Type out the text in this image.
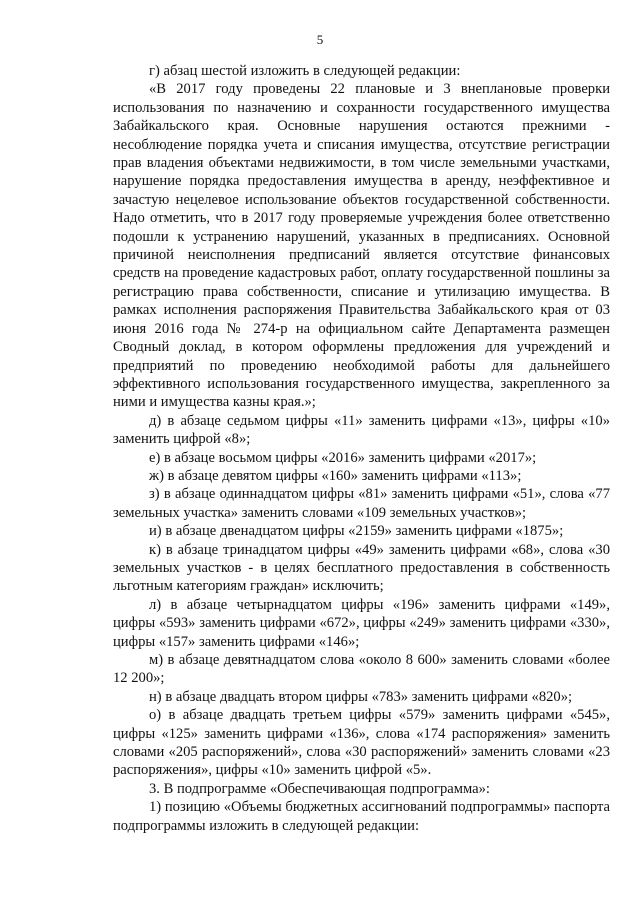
5

г) абзац шестой изложить в следующей редакции:

«В 2017 году проведены 22 плановые и 3 внеплановые проверки использования по назначению и сохранности государственного имущества Забайкальского края. Основные нарушения остаются прежними - несоблюдение порядка учета и списания имущества, отсутствие регистрации прав владения объектами недвижимости, в том числе земельными участками, нарушение порядка предоставления имущества в аренду, неэффективное и зачастую нецелевое использование объектов государственной собственности. Надо отметить, что в 2017 году проверяемые учреждения более ответственно подошли к устранению нарушений, указанных в предписаниях. Основной причиной неисполнения предписаний является отсутствие финансовых средств на проведение кадастровых работ, оплату государственной пошлины за регистрацию права собственности, списание и утилизацию имущества. В рамках исполнения распоряжения Правительства Забайкальского края от 03 июня 2016 года № 274-р на официальном сайте Департамента размещен Сводный доклад, в котором оформлены предложения для учреждений и предприятий по проведению необходимой работы для дальнейшего эффективного использования государственного имущества, закрепленного за ними и имущества казны края.»;

д) в абзаце седьмом цифры «11» заменить цифрами «13», цифры «10» заменить цифрой «8»;

е) в абзаце восьмом цифры «2016» заменить цифрами «2017»;

ж) в абзаце девятом цифры «160» заменить цифрами «113»;

з) в абзаце одиннадцатом цифры «81» заменить цифрами «51», слова «77 земельных участка» заменить словами «109 земельных участков»;

и) в абзаце двенадцатом цифры «2159» заменить цифрами «1875»;

к) в абзаце тринадцатом цифры «49» заменить цифрами «68», слова «30 земельных участков - в целях бесплатного предоставления в собственность льготным категориям граждан» исключить;

л) в абзаце четырнадцатом цифры «196» заменить цифрами «149», цифры «593» заменить цифрами «672», цифры «249» заменить цифрами «330», цифры «157» заменить цифрами «146»;

м) в абзаце девятнадцатом слова «около 8 600» заменить словами «более 12 200»;

н) в абзаце двадцать втором цифры «783» заменить цифрами «820»;

о) в абзаце двадцать третьем цифры «579» заменить цифрами «545», цифры «125» заменить цифрами «136», слова «174 распоряжения» заменить словами «205 распоряжений», слова «30 распоряжений» заменить словами «23 распоряжения», цифры «10» заменить цифрой «5».

3. В подпрограмме «Обеспечивающая подпрограмма»:

1) позицию «Объемы бюджетных ассигнований подпрограммы» паспорта подпрограммы изложить в следующей редакции:
